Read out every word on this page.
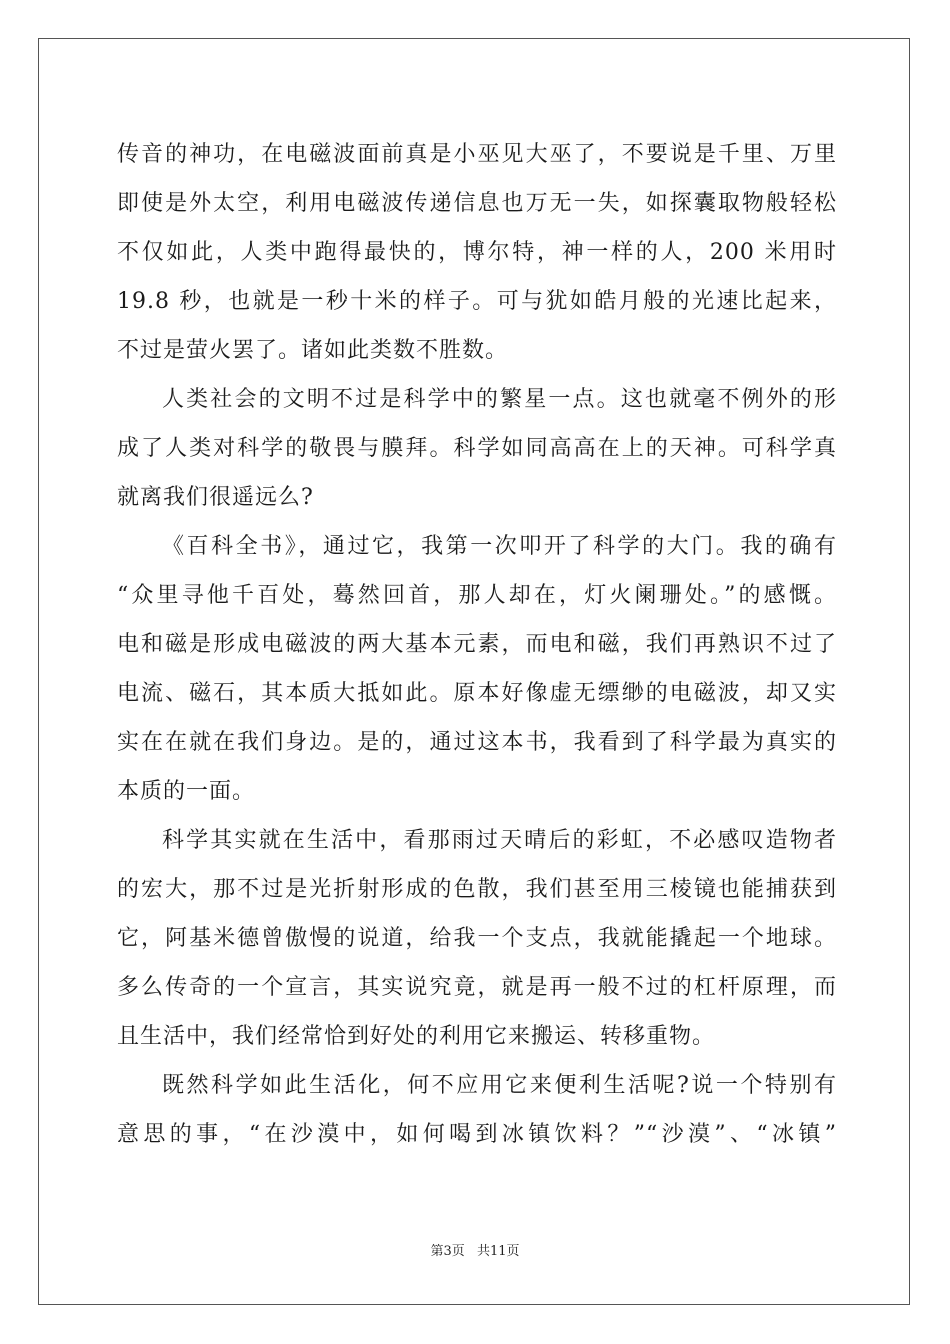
传音的神功，在电磁波面前真是小巫见大巫了，不要说是千里、万里
即使是外太空，利用电磁波传递信息也万无一失，如探囊取物般轻松
不仅如此，人类中跑得最快的，博尔特，神一样的人，200 米用时
19.8 秒，也就是一秒十米的样子。可与犹如皓月般的光速比起来，
不过是萤火罢了。诸如此类数不胜数。
人类社会的文明不过是科学中的繁星一点。这也就毫不例外的形
成了人类对科学的敬畏与膜拜。科学如同高高在上的天神。可科学真
就离我们很遥远么?
《百科全书》，通过它，我第一次叩开了科学的大门。我的确有
“众里寻他千百处，蓦然回首，那人却在，灯火阑珊处。”的感慨。
电和磁是形成电磁波的两大基本元素，而电和磁，我们再熟识不过了
电流、磁石，其本质大抵如此。原本好像虚无缥缈的电磁波，却又实
实在在就在我们身边。是的，通过这本书，我看到了科学最为真实的
本质的一面。
科学其实就在生活中，看那雨过天晴后的彩虹，不必感叹造物者
的宏大，那不过是光折射形成的色散，我们甚至用三棱镜也能捕获到
它，阿基米德曾傲慢的说道，给我一个支点，我就能撬起一个地球。
多么传奇的一个宣言，其实说究竟，就是再一般不过的杠杆原理，而
且生活中，我们经常恰到好处的利用它来搬运、转移重物。
既然科学如此生活化，何不应用它来便利生活呢?说一个特别有
意思的事，“在沙漠中，如何喝到冰镇饮料？”“沙漠”、“冰镇”
第3页 共11页
